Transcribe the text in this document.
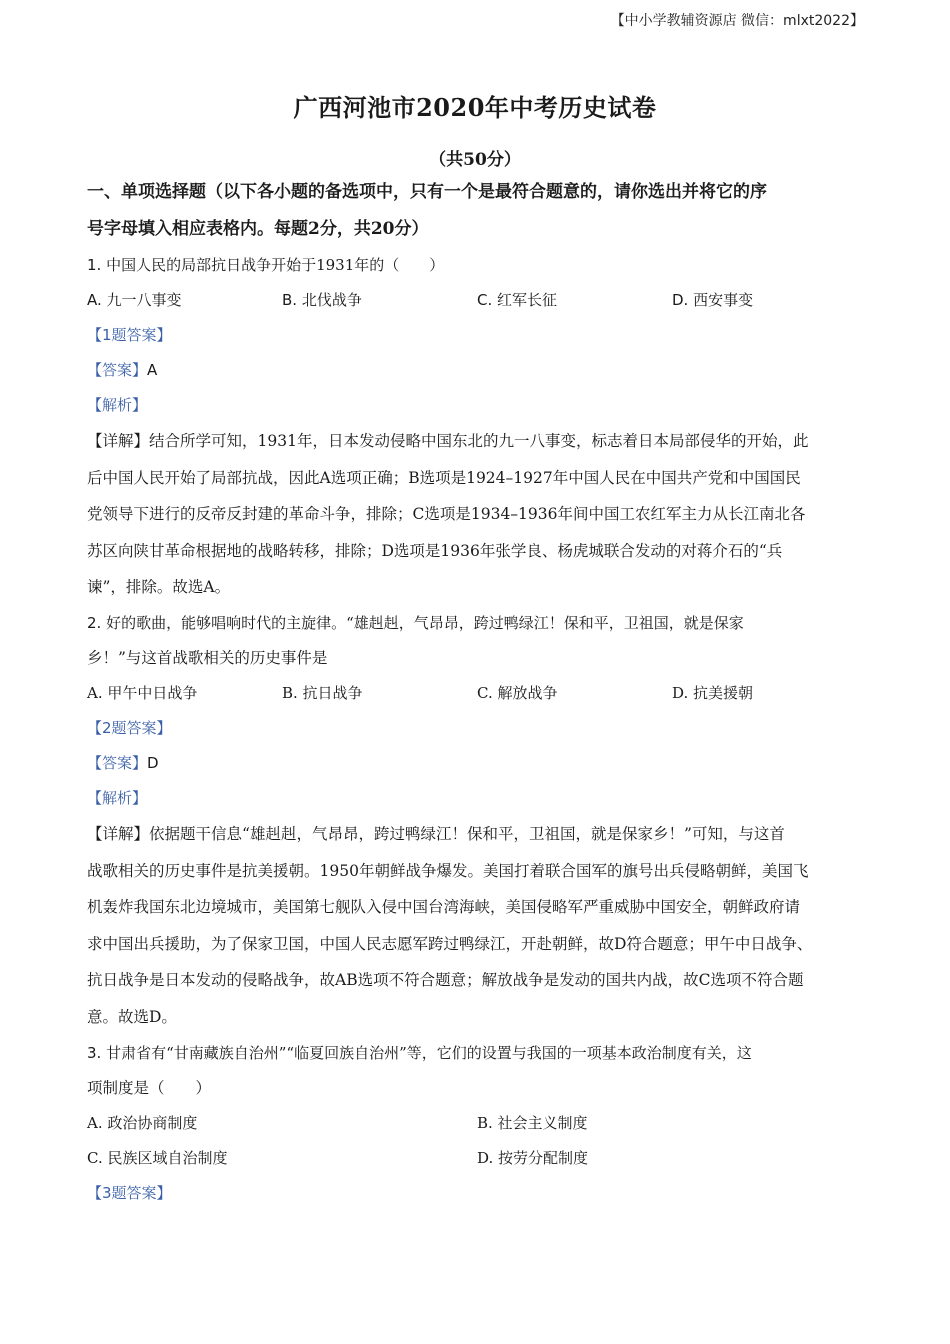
【中小学教辅资源店 微信：mlxt2022】
广西河池市2020年中考历史试卷
（共50分）
一、单项选择题（以下各小题的备选项中，只有一个是最符合题意的，请你选出并将它的序
号字母填入相应表格内。每题2分，共20分）
1. 中国人民的局部抗日战争开始于1931年的（　　）
A. 九一八事变	B. 北伐战争	C. 红军长征	D. 西安事变
【1题答案】
【答案】A
【解析】
【详解】结合所学可知，1931年，日本发动侵略中国东北的九一八事变，标志着日本局部侵华的开始，此
后中国人民开始了局部抗战，因此A选项正确；B选项是1924–1927年中国人民在中国共产党和中国国民
党领导下进行的反帝反封建的革命斗争，排除；C选项是1934–1936年间中国工农红军主力从长江南北各
苏区向陕甘革命根据地的战略转移，排除；D选项是1936年张学良、杨虎城联合发动的对蒋介石的“兵
谏”，排除。故选A。
2. 好的歌曲，能够唱响时代的主旋律。“雄赳赳，气昂昂，跨过鸭绿江！保和平，卫祖国，就是保家
乡！”与这首战歌相关的历史事件是
A. 甲午中日战争	B. 抗日战争	C. 解放战争	D. 抗美援朝
【2题答案】
【答案】D
【解析】
【详解】依据题干信息“雄赳赳，气昂昂，跨过鸭绿江！保和平，卫祖国，就是保家乡！”可知，与这首
战歌相关的历史事件是抗美援朝。1950年朝鲜战争爆发。美国打着联合国军的旗号出兵侵略朝鲜，美国飞
机轰炸我国东北边境城市，美国第七舰队入侵中国台湾海峡，美国侵略军严重威胁中国安全，朝鲜政府请
求中国出兵援助，为了保家卫国，中国人民志愿军跨过鸭绿江，开赴朝鲜，故D符合题意；甲午中日战争、
抗日战争是日本发动的侵略战争，故AB选项不符合题意；解放战争是发动的国共内战，故C选项不符合题
意。故选D。
3. 甘肃省有“甘南藏族自治州”“临夏回族自治州”等，它们的设置与我国的一项基本政治制度有关，这
项制度是（　　）
A. 政治协商制度	B. 社会主义制度
C. 民族区域自治制度	D. 按劳分配制度
【3题答案】
